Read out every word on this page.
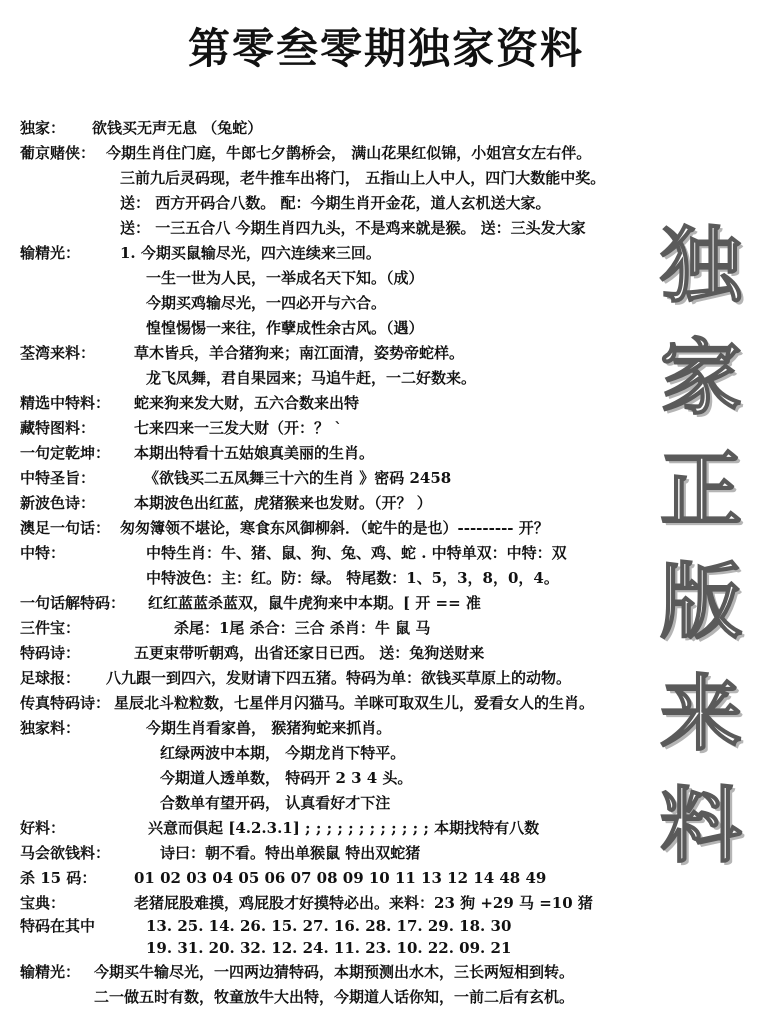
第零叁零期独家资料
独
家
正
版
来
料
独家： 欲钱买无声无息 （兔蛇）
葡京赌侠： 今期生肖住门庭，牛郎七夕鹊桥会， 满山花果红似锦，小姐宫女左右伴。
三前九后灵码现，老牛推车出将门， 五指山上人中人，四门大数能中奖。
送： 西方开码合八数。 配：今期生肖开金花，道人玄机送大家。
送： 一三五合八 今期生肖四九头，不是鸡来就是猴。 送：三头发大家
输精光：	1. 今期买鼠输尽光，四六连续来三回。
一生一世为人民，一举成名天下知。（成）
今期买鸡输尽光，一四必开与六合。
惶惶惕惕一来往，作孽成性余古风。（遇）
荃湾来料：	草木皆兵，羊合猪狗来；南江面清，姿势帝蛇样。
龙飞凤舞，君自果园来；马追牛赶，一二好数来。
精选中特料： 蛇来狗来发大财，五六合数来出特
藏特图料：	七来四来一三发大财（开：？ `
一句定乾坤： 本期出特看十五姑娘真美丽的生肖。
中特圣旨：	《欲钱买二五凤舞三十六的生肖 》密码 2458
新波色诗：	本期波色出红蓝，虎猪猴来也发财。（开？ ）
澳足一句话： 匆匆簿领不堪论，寒食东风御柳斜．（蛇牛的是也）--------- 开？
中特：	中特生肖：牛、猪、鼠、狗、兔、鸡、蛇 . 中特单双：中特：双
中特波色：主：红。防：绿。 特尾数：1、5，3，8，0，4。
一句话解特码： 红红蓝蓝杀蓝双，鼠牛虎狗来中本期。[ 开 == 准
三件宝：	杀尾：1尾 杀合：三合 杀肖：牛 鼠 马
特码诗：	五更束带听朝鸡，出省还家日已西。 送：兔狗送财来
足球报： 八九跟一到四六，发财请下四五猪。特码为单：欲钱买草原上的动物。
传真特码诗： 星辰北斗粒粒数，七星伴月闪猫马。羊咪可取双生儿，爱看女人的生肖。
独家料：	今期生肖看家兽， 猴猪狗蛇来抓肖。
红绿两波中本期， 今期龙肖下特平。
今期道人透单数， 特码开 2 3 4 头。
合数单有望开码， 认真看好才下注
好料：	兴意而俱起 [4.2.3.1] ; ; ; ; ; ; ; ; ; ; ; ; 本期找特有八数
马会欲钱料：	诗曰：朝不看。特出单猴鼠 特出双蛇猪
杀 15 码：	01 02 03 04 05 06 07 08 09 10 11 13 12 14 48 49
宝典：	老猪屁股难摸，鸡屁股才好摸特必出。来料：23 狗 +29 马 =10 猪
特码在其中	13. 25. 14. 26. 15. 27. 16. 28. 17. 29. 18. 30
19. 31. 20. 32. 12. 24. 11. 23. 10. 22. 09. 21
输精光： 今期买牛输尽光，一四两边猜特码，本期预测出水木，三长两短相到转。
二一做五时有数，牧童放牛大出特，今期道人话你知，一前二后有玄机。
